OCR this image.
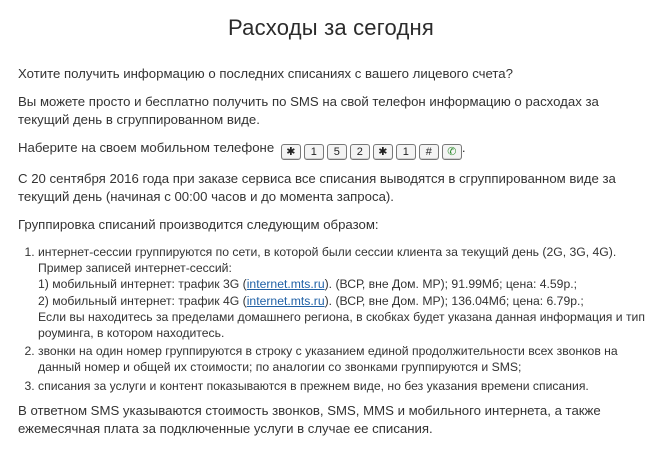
Расходы за сегодня

Хотите получить информацию о последних списаниях с вашего лицевого счета?

Вы можете просто и бесплатно получить по SMS на свой телефон информацию о расходах за текущий день в сгруппированном виде.

Наберите на своем мобильном телефоне	✱	1	5	2	✱	1	#	✆ .

С 20 сентября 2016 года при заказе сервиса все списания выводятся в сгруппированном виде за текущий день (начиная с 00:00 часов и до момента запроса).

Группировка списаний производится следующим образом:

1. интернет-сессии группируются по сети, в которой были сессии клиента за текущий день (2G, 3G, 4G). Пример записей интернет-сессий:
1) мобильный интернет: трафик 3G (internet.mts.ru). (ВСР, вне Дом. МР); 91.99Мб; цена: 4.59р.;
2) мобильный интернет: трафик 4G (internet.mts.ru). (ВСР, вне Дом. МР); 136.04Мб; цена: 6.79р.;
Если вы находитесь за пределами домашнего региона, в скобках будет указана данная информация и тип роуминга, в котором находитесь.
2. звонки на один номер группируются в строку с указанием единой продолжительности всех звонков на данный номер и общей их стоимости; по аналогии со звонками группируются и SMS;
3. списания за услуги и контент показываются в прежнем виде, но без указания времени списания.

В ответном SMS указываются стоимость звонков, SMS, MMS и мобильного интернета, а также ежемесячная плата за подключенные услуги в случае ее списания.
